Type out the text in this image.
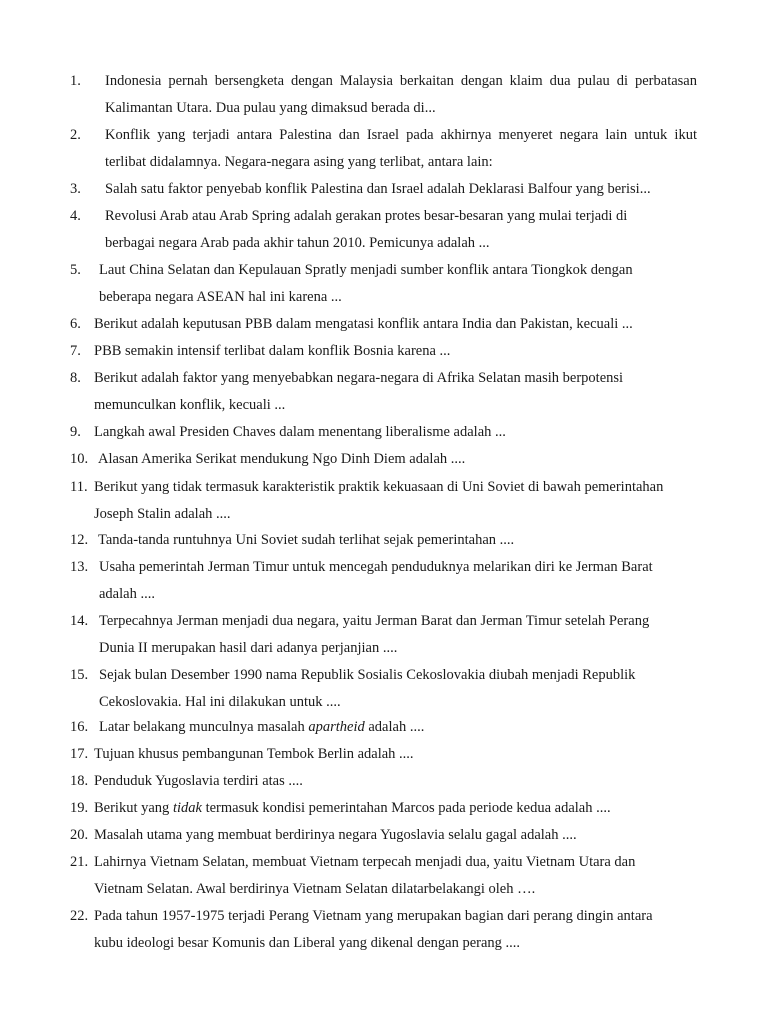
1. Indonesia pernah bersengketa dengan Malaysia berkaitan dengan klaim dua pulau di perbatasan
Kalimantan Utara. Dua pulau yang dimaksud berada di...
2. Konflik yang terjadi antara Palestina dan Israel pada akhirnya menyeret negara lain untuk ikut
terlibat didalamnya. Negara-negara asing yang terlibat, antara lain:
3. Salah satu faktor penyebab konflik Palestina dan Israel adalah Deklarasi Balfour yang berisi...
4. Revolusi Arab atau Arab Spring adalah gerakan protes besar-besaran yang mulai terjadi di
berbagai negara Arab pada akhir tahun 2010. Pemicunya adalah ...
5. Laut China Selatan dan Kepulauan Spratly menjadi sumber konflik antara Tiongkok dengan
beberapa negara ASEAN hal ini karena ...
6. Berikut adalah keputusan PBB dalam mengatasi konflik antara India dan Pakistan, kecuali ...
7. PBB semakin intensif terlibat dalam konflik Bosnia karena ...
8. Berikut adalah faktor yang menyebabkan negara-negara di Afrika Selatan masih berpotensi
memunculkan konflik, kecuali ...
9. Langkah awal Presiden Chaves dalam menentang liberalisme adalah ...
10. Alasan Amerika Serikat mendukung Ngo Dinh Diem adalah ....
11. Berikut yang tidak termasuk karakteristik praktik kekuasaan di Uni Soviet di bawah pemerintahan
Joseph Stalin adalah ....
12. Tanda-tanda runtuhnya Uni Soviet sudah terlihat sejak pemerintahan ....
13. Usaha pemerintah Jerman Timur untuk mencegah penduduknya melarikan diri ke Jerman Barat
adalah ....
14. Terpecahnya Jerman menjadi dua negara, yaitu Jerman Barat dan Jerman Timur setelah Perang
Dunia II merupakan hasil dari adanya perjanjian ....
15. Sejak bulan Desember 1990 nama Republik Sosialis Cekoslovakia diubah menjadi Republik
Cekoslovakia. Hal ini dilakukan untuk ....
16. Latar belakang munculnya masalah apartheid adalah ....
17. Tujuan khusus pembangunan Tembok Berlin adalah ....
18. Penduduk Yugoslavia terdiri atas ....
19. Berikut yang tidak termasuk kondisi pemerintahan Marcos pada periode kedua adalah ....
20. Masalah utama yang membuat berdirinya negara Yugoslavia selalu gagal adalah ....
21. Lahirnya Vietnam Selatan, membuat Vietnam terpecah menjadi dua, yaitu Vietnam Utara dan
Vietnam Selatan. Awal berdirinya Vietnam Selatan dilatarbelakangi oleh ….
22. Pada tahun 1957-1975 terjadi Perang Vietnam yang merupakan bagian dari perang dingin antara
kubu ideologi besar Komunis dan Liberal yang dikenal dengan perang ....
